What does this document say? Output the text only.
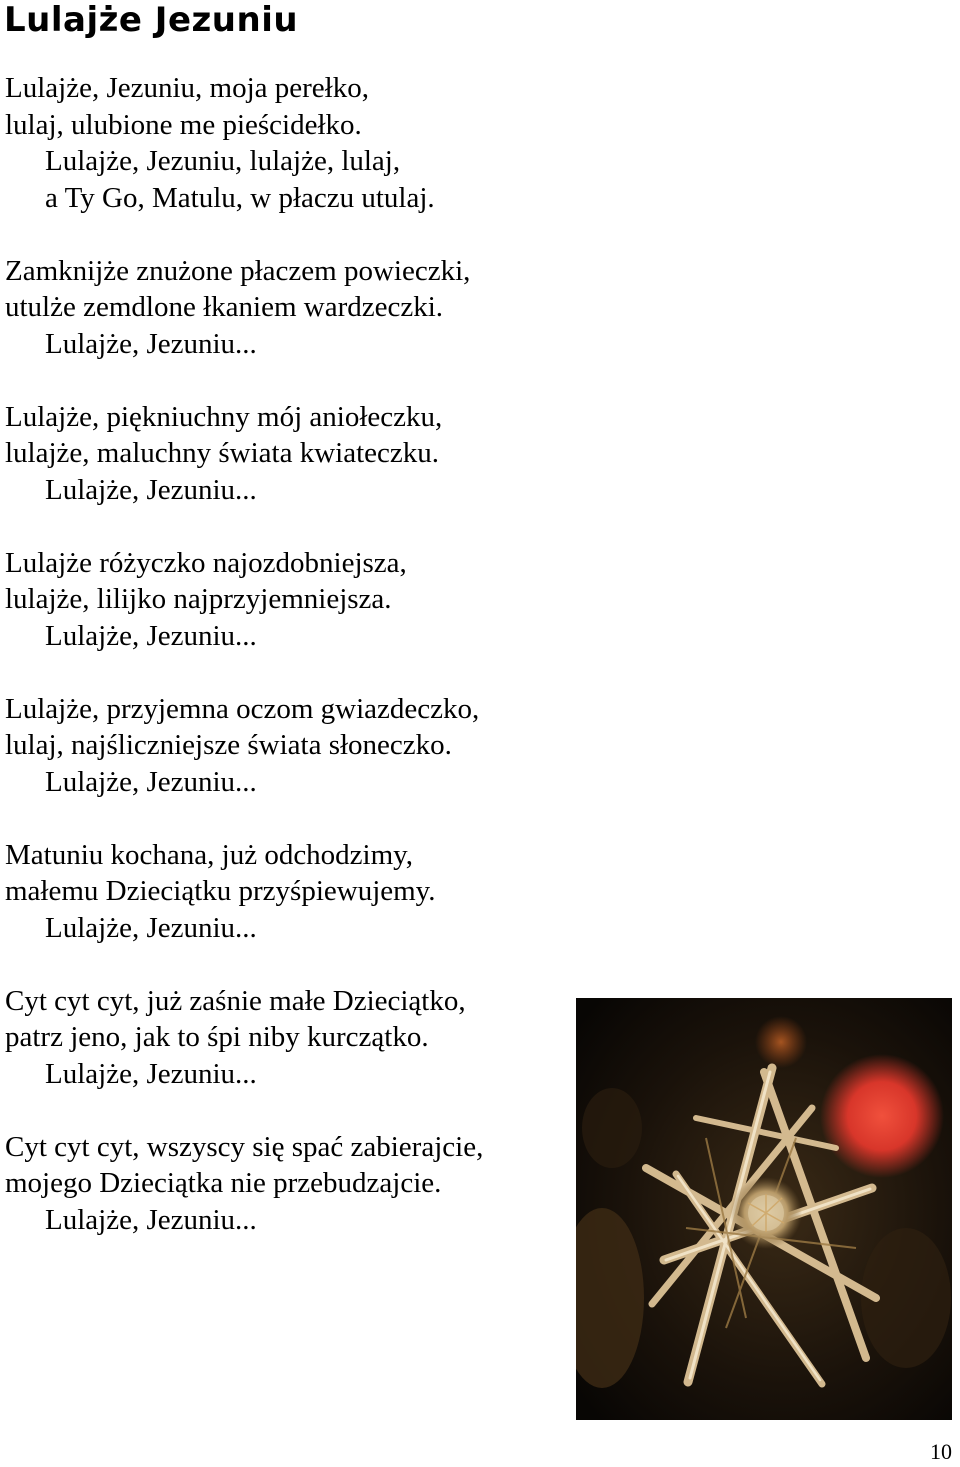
Lulajże Jezuniu
Lulajże, Jezuniu, moja perełko,
lulaj, ulubione me pieścidełko.
Lulajże, Jezuniu, lulajże, lulaj,
a Ty Go, Matulu, w płaczu utulaj.
Zamknijże znużone płaczem powieczki,
utulże zemdlone łkaniem wardzeczki.
Lulajże, Jezuniu...
Lulajże, piękniuchny mój aniołeczku,
lulajże, maluchny świata kwiateczku.
Lulajże, Jezuniu...
Lulajże różyczko najozdobniejsza,
lulajże, lilijko najprzyjemniejsza.
Lulajże, Jezuniu...
Lulajże, przyjemna oczom gwiazdeczko,
lulaj, najśliczniejsze świata słoneczko.
Lulajże, Jezuniu...
Matuniu kochana, już odchodzimy,
małemu Dzieciątku przyśpiewujemy.
Lulajże, Jezuniu...
Cyt cyt cyt, już zaśnie małe Dzieciątko,
patrz jeno, jak to śpi niby kurczątko.
Lulajże, Jezuniu...
Cyt cyt cyt, wszyscy się spać zabierajcie,
mojego Dzieciątka nie przebudzajcie.
Lulajże, Jezuniu...
10
